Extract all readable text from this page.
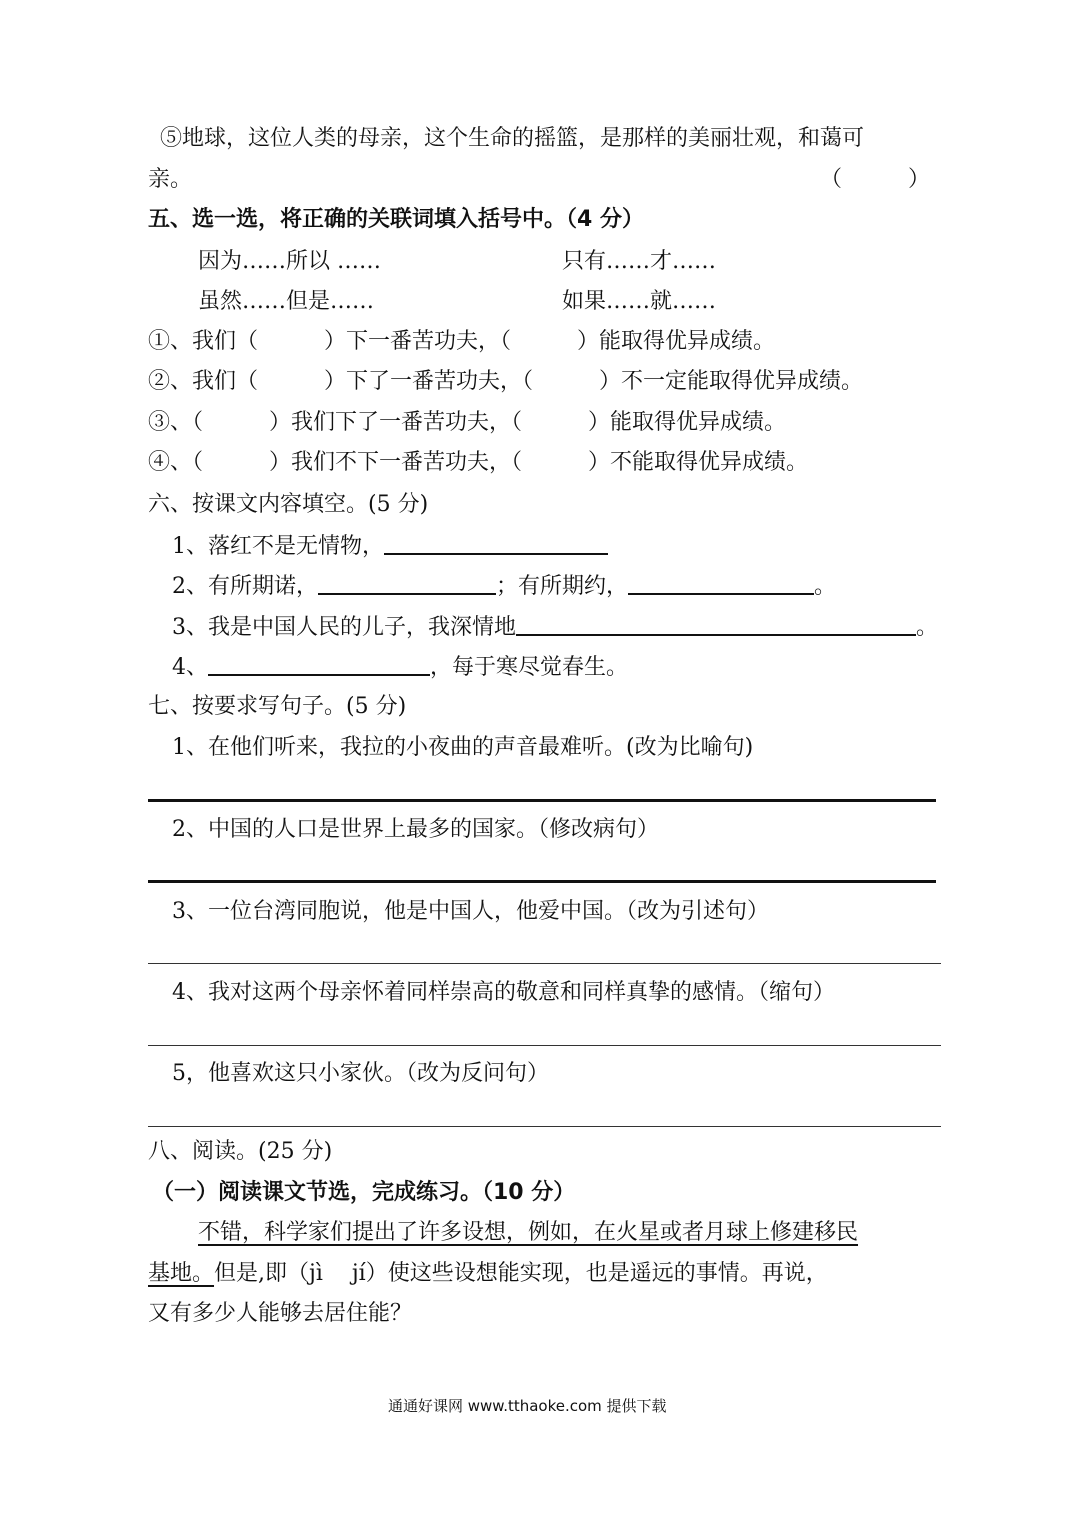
⑤地球，这位人类的母亲，这个生命的摇篮，是那样的美丽壮观，和蔼可
亲。	（　　　）
五、选一选，将正确的关联词填入括号中。（4 分）
因为……所以 ……	只有……才……
虽然……但是……	如果……就……
①、我们（　　　）下一番苦功夫，（　　　）能取得优异成绩。
②、我们（　　　）下了一番苦功夫，（　　　）不一定能取得优异成绩。
③、（　　　）我们下了一番苦功夫，（　　　）能取得优异成绩。
④、（　　　）我们不下一番苦功夫，（　　　）不能取得优异成绩。
六、按课文内容填空。(5 分)
1、落红不是无情物，
2、有所期诺，	；有所期约，	。
3、我是中国人民的儿子，我深情地	。
4、	，每于寒尽觉春生。
七、按要求写句子。(5 分)
1、在他们听来，我拉的小夜曲的声音最难听。(改为比喻句)
2、中国的人口是世界上最多的国家。（修改病句）
3、一位台湾同胞说，他是中国人，他爱中国。（改为引述句）
4、我对这两个母亲怀着同样崇高的敬意和同样真挚的感情。（缩句）
5，他喜欢这只小家伙。（改为反问句）
八、阅读。(25 分)
（一）阅读课文节选，完成练习。（10 分）
不错，科学家们提出了许多设想，例如，在火星或者月球上修建移民
基地。但是,即（jì　 jí）使这些设想能实现，也是遥远的事情。再说，
又有多少人能够去居住能？
通通好课网 www.tthaoke.com 提供下载
